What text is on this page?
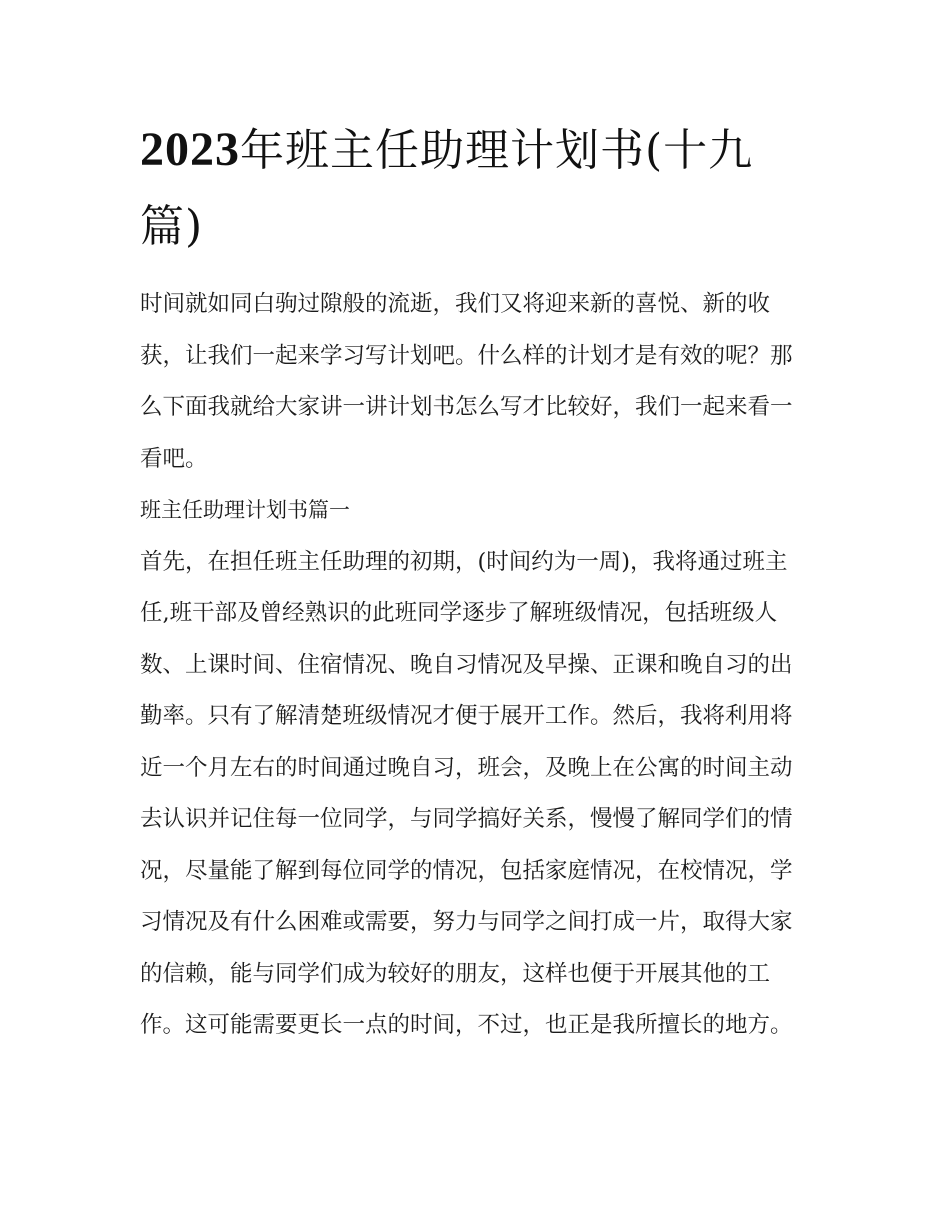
2023年班主任助理计划书(十九篇)

时间就如同白驹过隙般的流逝，我们又将迎来新的喜悦、新的收获，让我们一起来学习写计划吧。什么样的计划才是有效的呢？那么下面我就给大家讲一讲计划书怎么写才比较好，我们一起来看一看吧。

班主任助理计划书篇一

首先，在担任班主任助理的初期，(时间约为一周)，我将通过班主任,班干部及曾经熟识的此班同学逐步了解班级情况，包括班级人数、上课时间、住宿情况、晚自习情况及早操、正课和晚自习的出勤率。只有了解清楚班级情况才便于展开工作。然后，我将利用将近一个月左右的时间通过晚自习，班会，及晚上在公寓的时间主动去认识并记住每一位同学，与同学搞好关系，慢慢了解同学们的情况，尽量能了解到每位同学的情况，包括家庭情况，在校情况，学习情况及有什么困难或需要，努力与同学之间打成一片，取得大家的信赖，能与同学们成为较好的朋友，这样也便于开展其他的工作。这可能需要更长一点的时间，不过，也正是我所擅长的地方。
